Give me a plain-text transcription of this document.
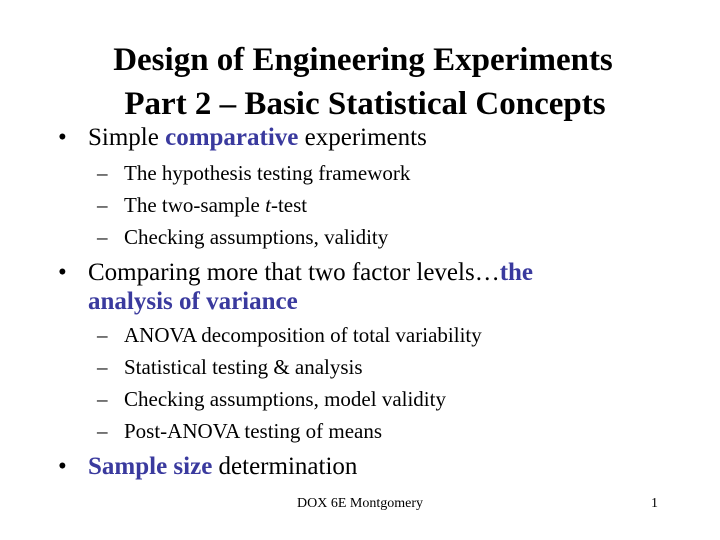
Design of Engineering Experiments
Part 2 – Basic Statistical Concepts
• Simple comparative experiments
– The hypothesis testing framework
– The two-sample t-test
– Checking assumptions, validity
• Comparing more that two factor levels…the
analysis of variance
– ANOVA decomposition of total variability
– Statistical testing & analysis
– Checking assumptions, model validity
– Post-ANOVA testing of means
• Sample size determination
DOX 6E Montgomery	1
